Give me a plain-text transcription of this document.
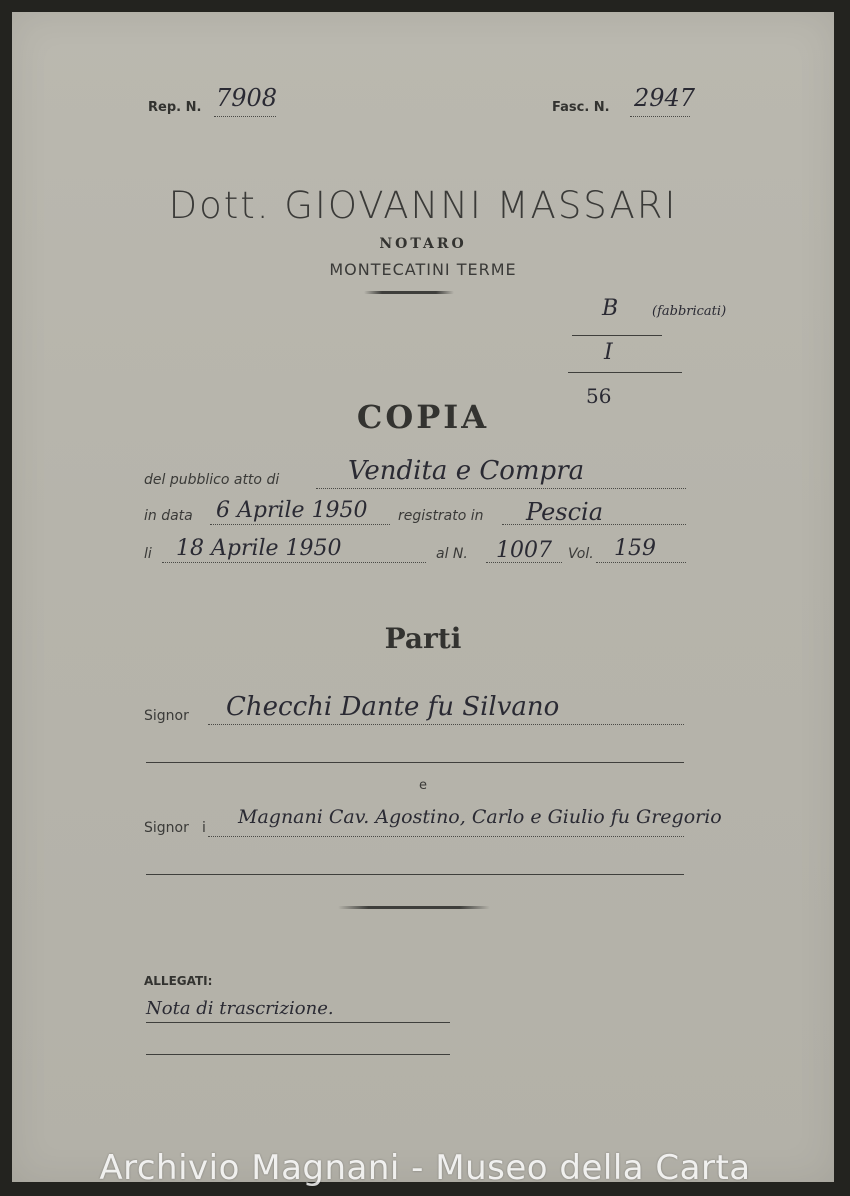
Rep. N. 7908	Fasc. N. 2947
Dott. GIOVANNI MASSARI
NOTARO
MONTECATINI TERME
B	(fabbricati)
I
56
COPIA
del pubblico atto di	Vendita e Compra
in data 6 Aprile 1950 registrato in Pescia
li 18 Aprile 1950	al N. 1007 Vol. 159
Parti
Signor Checchi Dante fu Silvano
e
Signor i Magnani Cav. Agostino, Carlo e Giulio fu Gregorio
ALLEGATI:
Nota di trascrizione.
Archivio Magnani - Museo della Carta
